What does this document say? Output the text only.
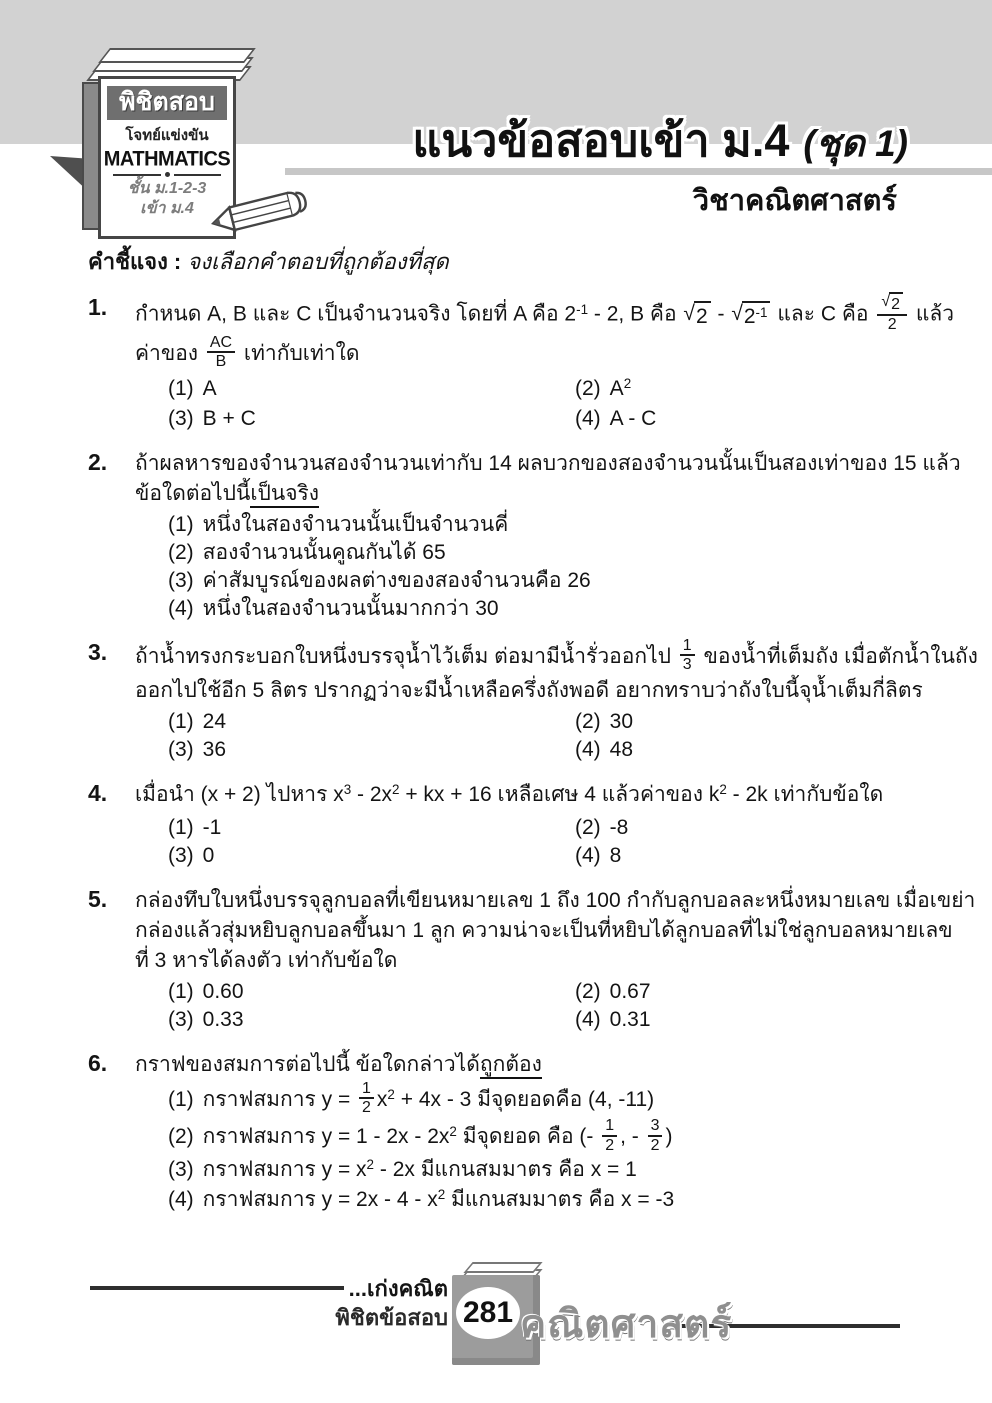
แนวข้อสอบเข้า ม.4 (ชุด 1)
วิชาคณิตศาสตร์
พิชิตสอบ
โจทย์แข่งขัน
MATHMATICS
ชั้น ม.1-2-3
เข้า ม.4
คำชี้แจง : จงเลือกคำตอบที่ถูกต้องที่สุด
1. กำหนด A, B และ C เป็นจำนวนจริง โดยที่ A คือ $2^{-1} - 2$, B คือ √ 2 - √ $2^{-1}$ และ C คือ $\frac{√ 2}{2}$ แล้ว
ค่าของ $\frac{AC}{B}$ เท่ากับเท่าใด
(1) A	(2) $A^2$
(3) B + C	(4) A - C
2. ถ้าผลหารของจำนวนสองจำนวนเท่ากับ 14 ผลบวกของสองจำนวนนั้นเป็นสองเท่าของ 15 แล้ว
ข้อใดต่อไปนี้เป็นจริง
(1) หนึ่งในสองจำนวนนั้นเป็นจำนวนคี่
(2) สองจำนวนนั้นคูณกันได้ 65
(3) ค่าสัมบูรณ์ของผลต่างของสองจำนวนคือ 26
(4) หนึ่งในสองจำนวนนั้นมากกว่า 30
3. ถ้าน้ำทรงกระบอกใบหนึ่งบรรจุน้ำไว้เต็ม ต่อมามีน้ำรั่วออกไป $\frac{1}{3}$ ของน้ำที่เต็มถัง เมื่อตักน้ำในถัง
ออกไปใช้อีก 5 ลิตร ปรากฏว่าจะมีน้ำเหลือครึ่งถังพอดี อยากทราบว่าถังใบนี้จุน้ำเต็มกี่ลิตร
(1) 24	(2) 30
(3) 36	(4) 48
4. เมื่อนำ (x + 2) ไปหาร $x^3 - 2x^2$ + kx + 16 เหลือเศษ 4 แล้วค่าของ $k^2 - 2k$ เท่ากับข้อใด
(1) -1	(2) -8
(3) 0	(4) 8
5. กล่องทึบใบหนึ่งบรรจุลูกบอลที่เขียนหมายเลข 1 ถึง 100 กำกับลูกบอลละหนึ่งหมายเลข เมื่อเขย่า
กล่องแล้วสุ่มหยิบลูกบอลขึ้นมา 1 ลูก ความน่าจะเป็นที่หยิบได้ลูกบอลที่ไม่ใช่ลูกบอลหมายเลข
ที่ 3 หารได้ลงตัว เท่ากับข้อใด
(1) 0.60	(2) 0.67
(3) 0.33	(4) 0.31
6. กราฟของสมการต่อไปนี้ ข้อใดกล่าวได้ถูกต้อง
(1) กราฟสมการ $y = \frac{1}{2} x^2 + 4x - 3$ มีจุดยอดคือ (4, -11)
(2) กราฟสมการ $y = 1 - 2x - 2x^2$ มีจุดยอด คือ (- $\frac{1}{2}$ , - $\frac{3}{2}$ )
(3) กราฟสมการ $y = x^2 - 2x$ มีแกนสมมาตร คือ x = 1
(4) กราฟสมการ $y = 2x - 4 - x^2$ มีแกนสมมาตร คือ x = -3
...เก่งคณิต
พิชิตข้อสอบ 281 คณิตศาสตร์
